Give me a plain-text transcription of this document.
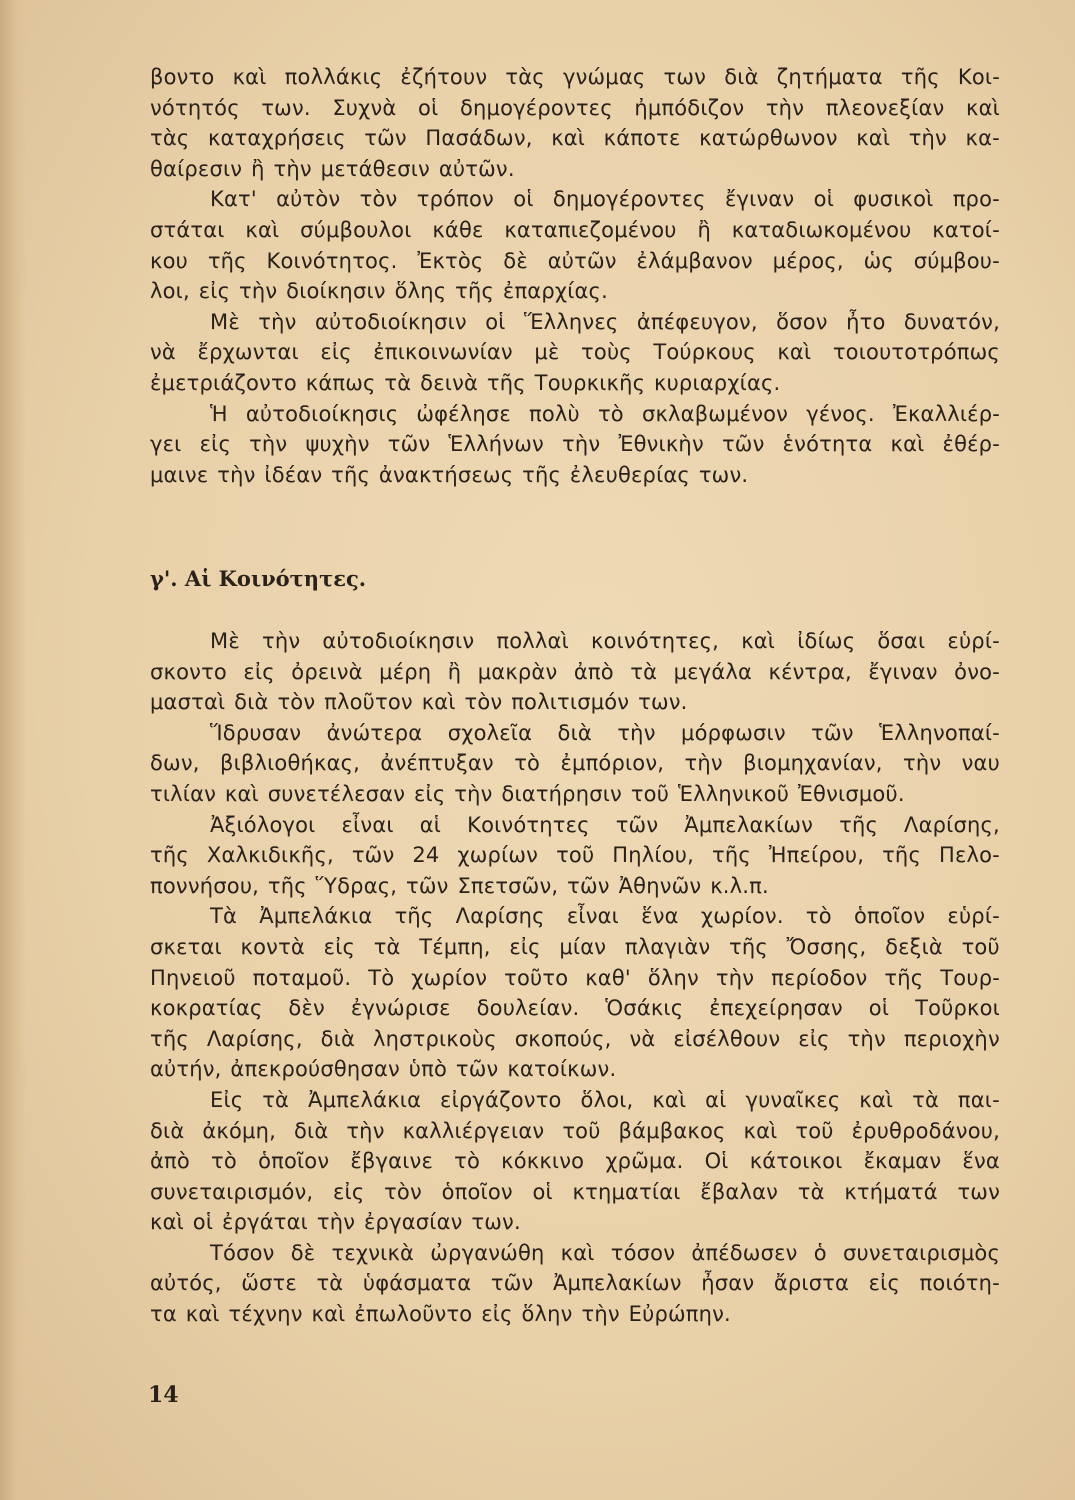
βοντο καὶ πολλάκις ἐζήτουν τὰς γνώμας των διὰ ζητήματα τῆς Κοι-
νότητός των. Συχνὰ οἱ δημογέροντες ἠμπόδιζον τὴν πλεονεξίαν καὶ
τὰς καταχρήσεις τῶν Πασάδων, καὶ κάποτε κατώρθωνον καὶ τὴν κα-
θαίρεσιν ἢ τὴν μετάθεσιν αὐτῶν.
Κατ' αὐτὸν τὸν τρόπον οἱ δημογέροντες ἔγιναν οἱ φυσικοὶ προ-
στάται καὶ σύμβουλοι κάθε καταπιεζομένου ἢ καταδιωκομένου κατοί-
κου τῆς Κοινότητος. Ἐκτὸς δὲ αὐτῶν ἐλάμβανον μέρος, ὡς σύμβου-
λοι, εἰς τὴν διοίκησιν ὅλης τῆς ἐπαρχίας.
Μὲ τὴν αὐτοδιοίκησιν οἱ Ἕλληνες ἀπέφευγον, ὅσον ἦτο δυνατόν,
νὰ ἔρχωνται εἰς ἐπικοινωνίαν μὲ τοὺς Τούρκους καὶ τοιουτοτρόπως
ἐμετριάζοντο κάπως τὰ δεινὰ τῆς Τουρκικῆς κυριαρχίας.
Ἡ αὐτοδιοίκησις ὠφέλησε πολὺ τὸ σκλαβωμένον γένος. Ἐκαλλιέρ-
γει εἰς τὴν ψυχὴν τῶν Ἑλλήνων τὴν Ἐθνικὴν τῶν ἑνότητα καὶ ἐθέρ-
μαινε τὴν ἰδέαν τῆς ἀνακτήσεως τῆς ἐλευθερίας των.
γ'. Αἱ Κοινότητες.
Μὲ τὴν αὐτοδιοίκησιν πολλαὶ κοινότητες, καὶ ἰδίως ὅσαι εὑρί-
σκοντο εἰς ὀρεινὰ μέρη ἢ μακρὰν ἀπὸ τὰ μεγάλα κέντρα, ἔγιναν ὀνο-
μασταὶ διὰ τὸν πλοῦτον καὶ τὸν πολιτισμόν των.
Ἵδρυσαν ἀνώτερα σχολεῖα διὰ τὴν μόρφωσιν τῶν Ἑλληνοπαί-
δων, βιβλιοθήκας, ἀνέπτυξαν τὸ ἐμπόριον, τὴν βιομηχανίαν, τὴν ναυ
τιλίαν καὶ συνετέλεσαν εἰς τὴν διατήρησιν τοῦ Ἑλληνικοῦ Ἐθνισμοῦ.
Ἀξιόλογοι εἶναι αἱ Κοινότητες τῶν Ἀμπελακίων τῆς Λαρίσης,
τῆς Χαλκιδικῆς, τῶν 24 χωρίων τοῦ Πηλίου, τῆς Ἠπείρου, τῆς Πελο-
ποννήσου, τῆς Ὕδρας, τῶν Σπετσῶν, τῶν Ἀθηνῶν κ.λ.π.
Τὰ Ἀμπελάκια τῆς Λαρίσης εἶναι ἕνα χωρίον. τὸ ὁποῖον εὑρί-
σκεται κοντὰ εἰς τὰ Τέμπη, εἰς μίαν πλαγιὰν τῆς Ὄσσης, δεξιὰ τοῦ
Πηνειοῦ ποταμοῦ. Τὸ χωρίον τοῦτο καθ' ὅλην τὴν περίοδον τῆς Τουρ-
κοκρατίας δὲν ἐγνώρισε δουλείαν. Ὁσάκις ἐπεχείρησαν οἱ Τοῦρκοι
τῆς Λαρίσης, διὰ ληστρικοὺς σκοπούς, νὰ εἰσέλθουν εἰς τὴν περιοχὴν
αὐτήν, ἀπεκρούσθησαν ὑπὸ τῶν κατοίκων.
Εἰς τὰ Ἀμπελάκια εἰργάζοντο ὅλοι, καὶ αἱ γυναῖκες καὶ τὰ παι-
διὰ ἀκόμη, διὰ τὴν καλλιέργειαν τοῦ βάμβακος καὶ τοῦ ἐρυθροδάνου,
ἀπὸ τὸ ὁποῖον ἔβγαινε τὸ κόκκινο χρῶμα. Οἱ κάτοικοι ἔκαμαν ἕνα
συνεταιρισμόν, εἰς τὸν ὁποῖον οἱ κτηματίαι ἔβαλαν τὰ κτήματά των
καὶ οἱ ἐργάται τὴν ἐργασίαν των.
Τόσον δὲ τεχνικὰ ὠργανώθη καὶ τόσον ἀπέδωσεν ὁ συνεταιρισμὸς
αὐτός, ὥστε τὰ ὑφάσματα τῶν Ἀμπελακίων ἦσαν ἄριστα εἰς ποιότη-
τα καὶ τέχνην καὶ ἐπωλοῦντο εἰς ὅλην τὴν Εὐρώπην.
14
